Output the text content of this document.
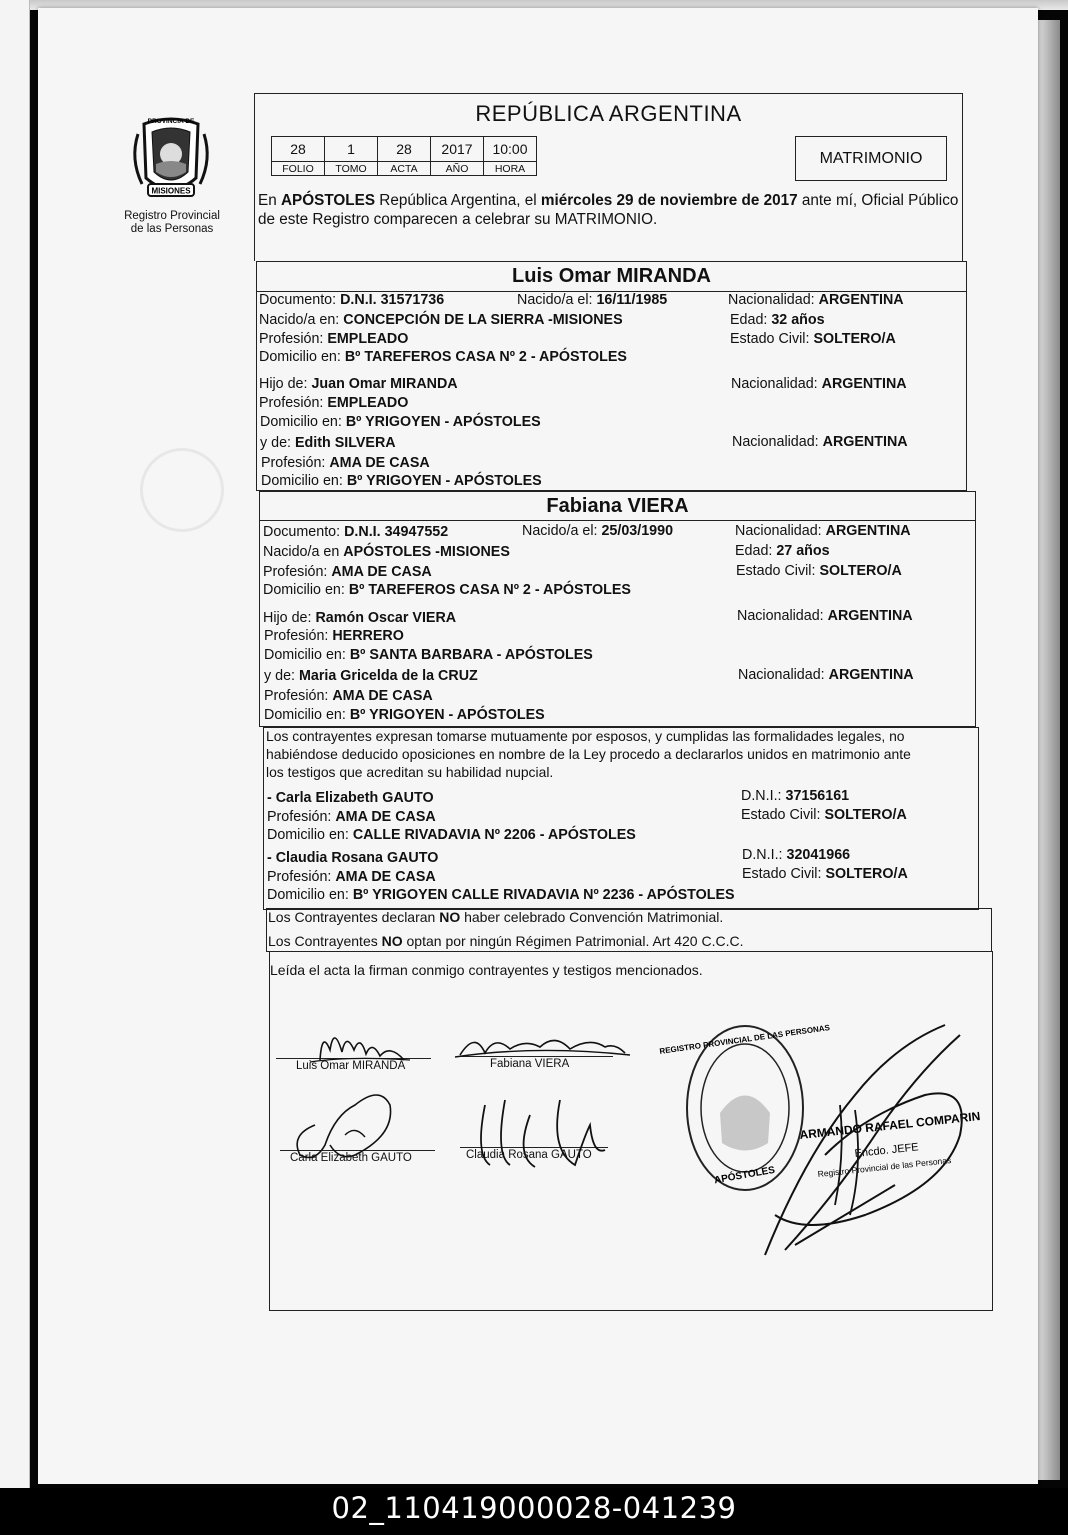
PROVINCIA DE
MISIONES
Registro Provincial
de las Personas
REPÚBLICA ARGENTINA
28	1	28	2017	10:00
FOLIO	TOMO	ACTA	AÑO	HORA
MATRIMONIO
En APÓSTOLES República Argentina, el miércoles 29 de noviembre de 2017 ante mí, Oficial Público de este Registro comparecen a celebrar su MATRIMONIO.
Luis Omar MIRANDA
Documento: D.N.I. 31571736	Nacido/a el: 16/11/1985	Nacionalidad: ARGENTINA
Nacido/a en: CONCEPCIÓN DE LA SIERRA -MISIONES	Edad: 32 años
Profesión: EMPLEADO	Estado Civil: SOLTERO/A
Domicilio en: Bº TAREFEROS CASA Nº 2 - APÓSTOLES
Hijo de: Juan Omar MIRANDA	Nacionalidad: ARGENTINA
Profesión: EMPLEADO
Domicilio en: Bº YRIGOYEN - APÓSTOLES
y de: Edith SILVERA	Nacionalidad: ARGENTINA
Profesión: AMA DE CASA
Domicilio en: Bº YRIGOYEN - APÓSTOLES
Fabiana VIERA
Documento: D.N.I. 34947552	Nacido/a el: 25/03/1990	Nacionalidad: ARGENTINA
Nacido/a en APÓSTOLES -MISIONES	Edad: 27 años
Profesión: AMA DE CASA	Estado Civil: SOLTERO/A
Domicilio en: Bº TAREFEROS CASA Nº 2 - APÓSTOLES
Hijo de: Ramón Oscar VIERA	Nacionalidad: ARGENTINA
Profesión: HERRERO
Domicilio en: Bº SANTA BARBARA - APÓSTOLES
y de: Maria Gricelda de la CRUZ	Nacionalidad: ARGENTINA
Profesión: AMA DE CASA
Domicilio en: Bº YRIGOYEN - APÓSTOLES
Los contrayentes expresan tomarse mutuamente por esposos, y cumplidas las formalidades legales, no
habiéndose deducido oposiciones en nombre de la Ley procedo a declararlos unidos en matrimonio ante
los testigos que acreditan su habilidad nupcial.
- Carla Elizabeth GAUTO	D.N.I.: 37156161
Profesión: AMA DE CASA	Estado Civil: SOLTERO/A
Domicilio en: CALLE RIVADAVIA Nº 2206 - APÓSTOLES
- Claudia Rosana GAUTO	D.N.I.: 32041966
Profesión: AMA DE CASA	Estado Civil: SOLTERO/A
Domicilio en: Bº YRIGOYEN CALLE RIVADAVIA Nº 2236 - APÓSTOLES
Los Contrayentes declaran NO haber celebrado Convención Matrimonial.
Los Contrayentes NO optan por ningún Régimen Patrimonial. Art 420 C.C.C.
Leída el acta la firman conmigo contrayentes y testigos mencionados.
Luis Omar MIRANDA	Fabiana VIERA
Carla Elizabeth GAUTO	Claudia Rosana GAUTO
REGISTRO PROVINCIAL DE LAS PERSONAS
APÓSTOLES
ARMANDO RAFAEL COMPARIN
Encdo. JEFE
Registro Provincial de las Personas
02_110419000028-041239
